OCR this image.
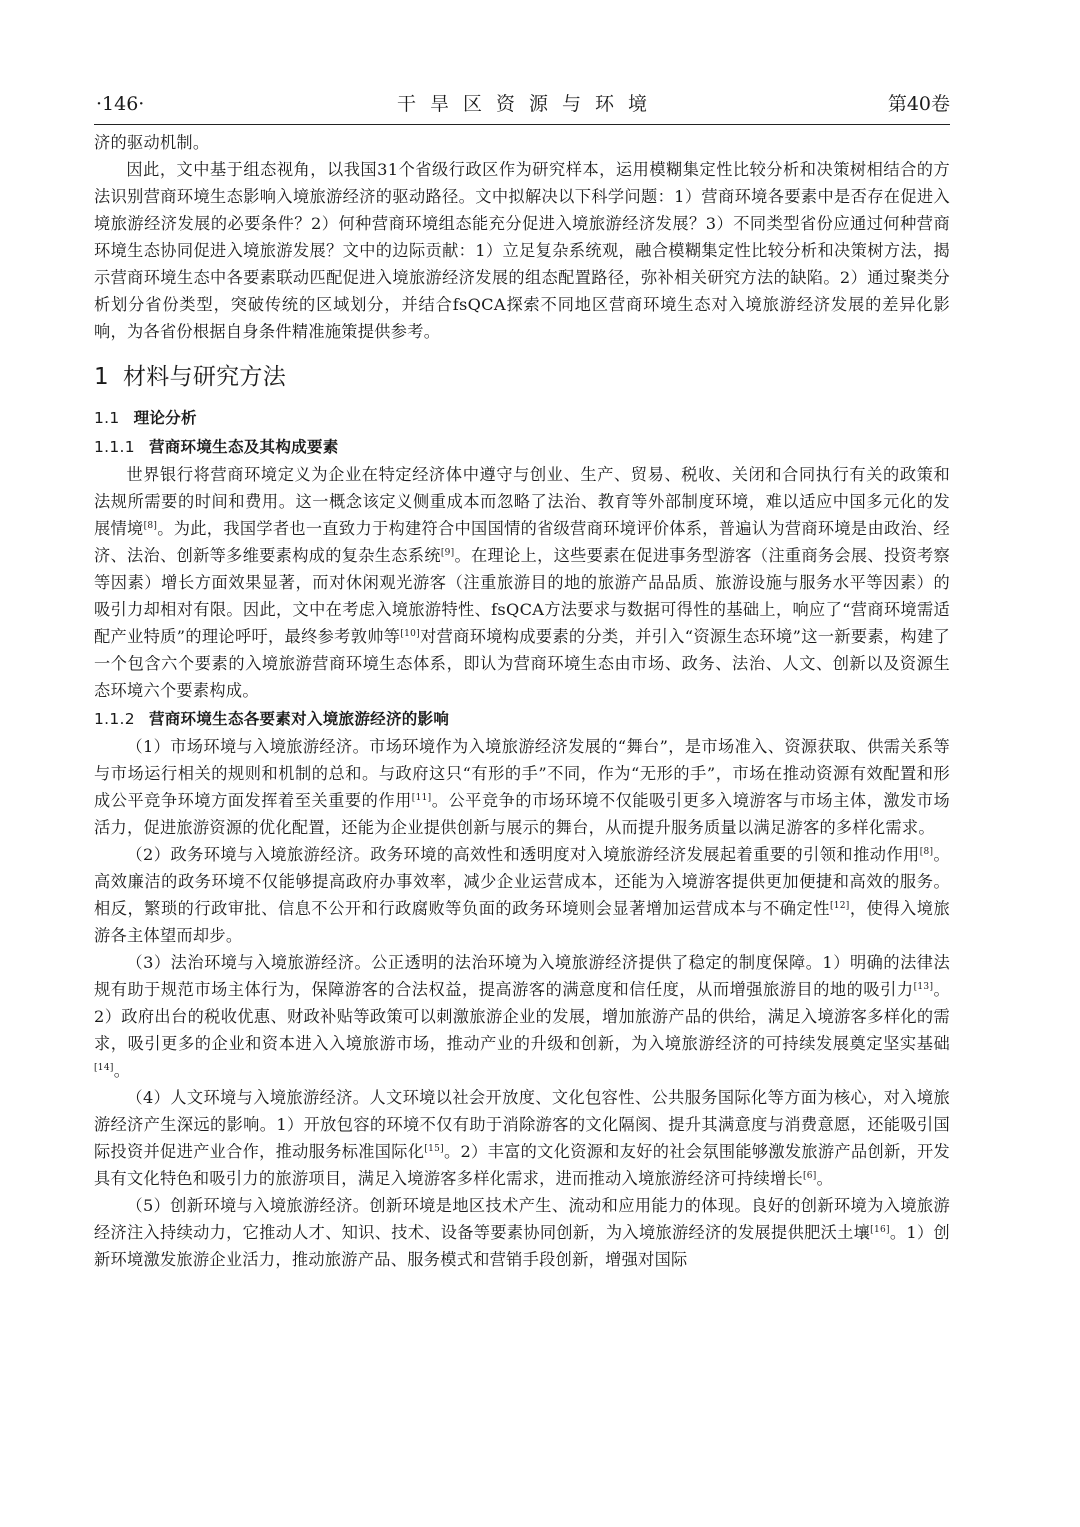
·146·	干旱区资源与环境	第40卷

济的驱动机制。

因此，文中基于组态视角，以我国31个省级行政区作为研究样本，运用模糊集定性比较分析和决策树相结合的方法识别营商环境生态影响入境旅游经济的驱动路径。文中拟解决以下科学问题：1）营商环境各要素中是否存在促进入境旅游经济发展的必要条件？2）何种营商环境组态能充分促进入境旅游经济发展？3）不同类型省份应通过何种营商环境生态协同促进入境旅游发展？文中的边际贡献：1）立足复杂系统观，融合模糊集定性比较分析和决策树方法，揭示营商环境生态中各要素联动匹配促进入境旅游经济发展的组态配置路径，弥补相关研究方法的缺陷。2）通过聚类分析划分省份类型，突破传统的区域划分，并结合fsQCA探索不同地区营商环境生态对入境旅游经济发展的差异化影响，为各省份根据自身条件精准施策提供参考。

1 材料与研究方法
1.1 理论分析
1.1.1 营商环境生态及其构成要素

世界银行将营商环境定义为企业在特定经济体中遵守与创业、生产、贸易、税收、关闭和合同执行有关的政策和法规所需要的时间和费用。这一概念该定义侧重成本而忽略了法治、教育等外部制度环境，难以适应中国多元化的发展情境[8]。为此，我国学者也一直致力于构建符合中国国情的省级营商环境评价体系，普遍认为营商环境是由政治、经济、法治、创新等多维要素构成的复杂生态系统[9]。在理论上，这些要素在促进事务型游客（注重商务会展、投资考察等因素）增长方面效果显著，而对休闲观光游客（注重旅游目的地的旅游产品品质、旅游设施与服务水平等因素）的吸引力却相对有限。因此，文中在考虑入境旅游特性、fsQCA方法要求与数据可得性的基础上，响应了“营商环境需适配产业特质”的理论呼吁，最终参考敦帅等[10]对营商环境构成要素的分类，并引入“资源生态环境”这一新要素，构建了一个包含六个要素的入境旅游营商环境生态体系，即认为营商环境生态由市场、政务、法治、人文、创新以及资源生态环境六个要素构成。

1.1.2 营商环境生态各要素对入境旅游经济的影响

（1）市场环境与入境旅游经济。市场环境作为入境旅游经济发展的“舞台”，是市场准入、资源获取、供需关系等与市场运行相关的规则和机制的总和。与政府这只“有形的手”不同，作为“无形的手”，市场在推动资源有效配置和形成公平竞争环境方面发挥着至关重要的作用[11]。公平竞争的市场环境不仅能吸引更多入境游客与市场主体，激发市场活力，促进旅游资源的优化配置，还能为企业提供创新与展示的舞台，从而提升服务质量以满足游客的多样化需求。

（2）政务环境与入境旅游经济。政务环境的高效性和透明度对入境旅游经济发展起着重要的引领和推动作用[8]。高效廉洁的政务环境不仅能够提高政府办事效率，减少企业运营成本，还能为入境游客提供更加便捷和高效的服务。相反，繁琐的行政审批、信息不公开和行政腐败等负面的政务环境则会显著增加运营成本与不确定性[12]，使得入境旅游各主体望而却步。

（3）法治环境与入境旅游经济。公正透明的法治环境为入境旅游经济提供了稳定的制度保障。1）明确的法律法规有助于规范市场主体行为，保障游客的合法权益，提高游客的满意度和信任度，从而增强旅游目的地的吸引力[13]。2）政府出台的税收优惠、财政补贴等政策可以刺激旅游企业的发展，增加旅游产品的供给，满足入境游客多样化的需求，吸引更多的企业和资本进入入境旅游市场，推动产业的升级和创新，为入境旅游经济的可持续发展奠定坚实基础[14]。

（4）人文环境与入境旅游经济。人文环境以社会开放度、文化包容性、公共服务国际化等方面为核心，对入境旅游经济产生深远的影响。1）开放包容的环境不仅有助于消除游客的文化隔阂、提升其满意度与消费意愿，还能吸引国际投资并促进产业合作，推动服务标准国际化[15]。2）丰富的文化资源和友好的社会氛围能够激发旅游产品创新，开发具有文化特色和吸引力的旅游项目，满足入境游客多样化需求，进而推动入境旅游经济可持续增长[6]。

（5）创新环境与入境旅游经济。创新环境是地区技术产生、流动和应用能力的体现。良好的创新环境为入境旅游经济注入持续动力，它推动人才、知识、技术、设备等要素协同创新，为入境旅游经济的发展提供肥沃土壤[16]。1）创新环境激发旅游企业活力，推动旅游产品、服务模式和营销手段创新，增强对国际
